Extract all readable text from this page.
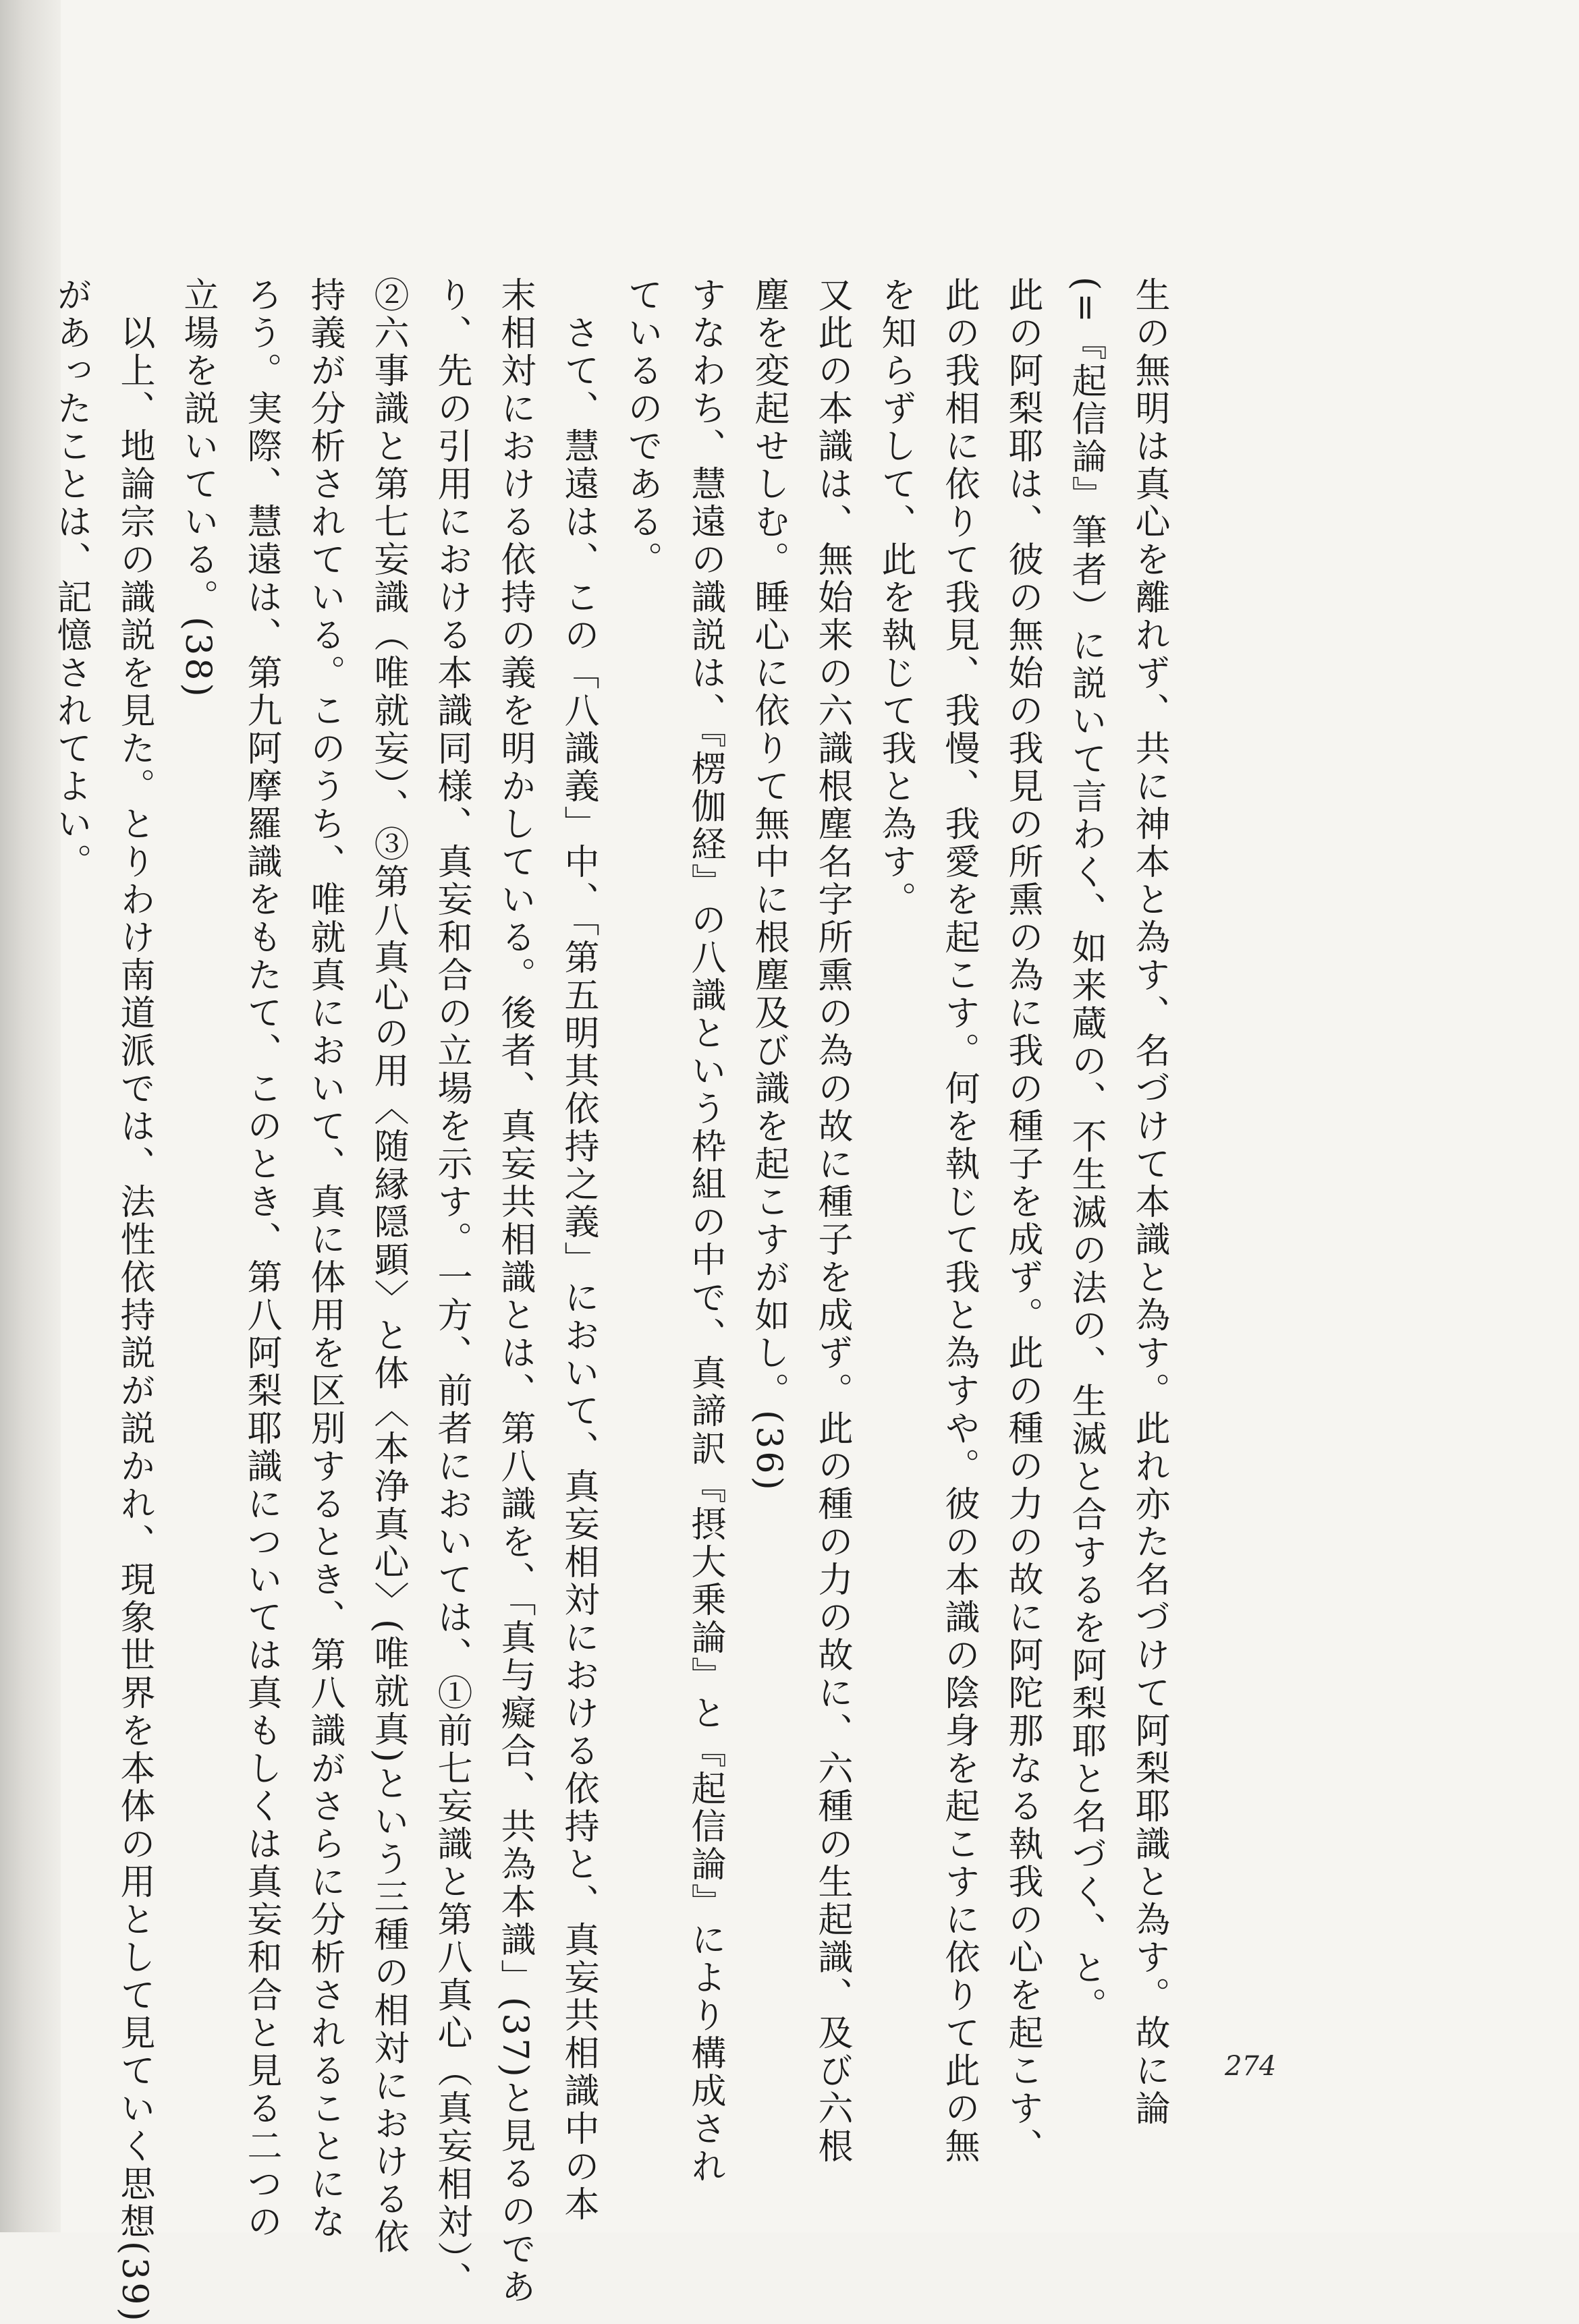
生の無明は真心を離れず、共に神本と為す、名づけて本識と為す。此れ亦た名づけて阿梨耶識と為す。故に論
(=『起信論』筆者）に説いて言わく、如来蔵の、不生滅の法の、生滅と合するを阿梨耶と名づく、と。
此の阿梨耶は、彼の無始の我見の所熏の為に我の種子を成ず。此の種の力の故に阿陀那なる執我の心を起こす、
此の我相に依りて我見、我慢、我愛を起こす。何を執じて我と為すや。彼の本識の陰身を起こすに依りて此の無
を知らずして、此を執じて我と為す。
又此の本識は、無始来の六識根塵名字所熏の為の故に種子を成ず。此の種の力の故に、六種の生起識、及び六根
塵を変起せしむ。睡心に依りて無中に根塵及び識を起こすが如し。(36)
すなわち、慧遠の識説は、『楞伽経』の八識という枠組の中で、真諦訳『摂大乗論』と『起信論』により構成され
ているのである。
　さて、慧遠は、この「八識義」中、「第五明其依持之義」において、真妄相対における依持と、真妄共相識中の本
末相対における依持の義を明かしている。後者、真妄共相識とは、第八識を、「真与癡合、共為本識」(37)と見るのであ
り、先の引用における本識同様、真妄和合の立場を示す。一方、前者においては、①前七妄識と第八真心（真妄相対）、
②六事識と第七妄識（唯就妄）、③第八真心の用〈随縁隠顕〉と体〈本浄真心〉(唯就真)という三種の相対における依
持義が分析されている。このうち、唯就真において、真に体用を区別するとき、第八識がさらに分析されることにな
ろう。実際、慧遠は、第九阿摩羅識をもたて、このとき、第八阿梨耶識については真もしくは真妄和合と見る二つの
立場を説いている。(38)
　以上、地論宗の識説を見た。とりわけ南道派では、法性依持説が説かれ、現象世界を本体の用として見ていく思想(39)
があったことは、記憶されてよい。
274
